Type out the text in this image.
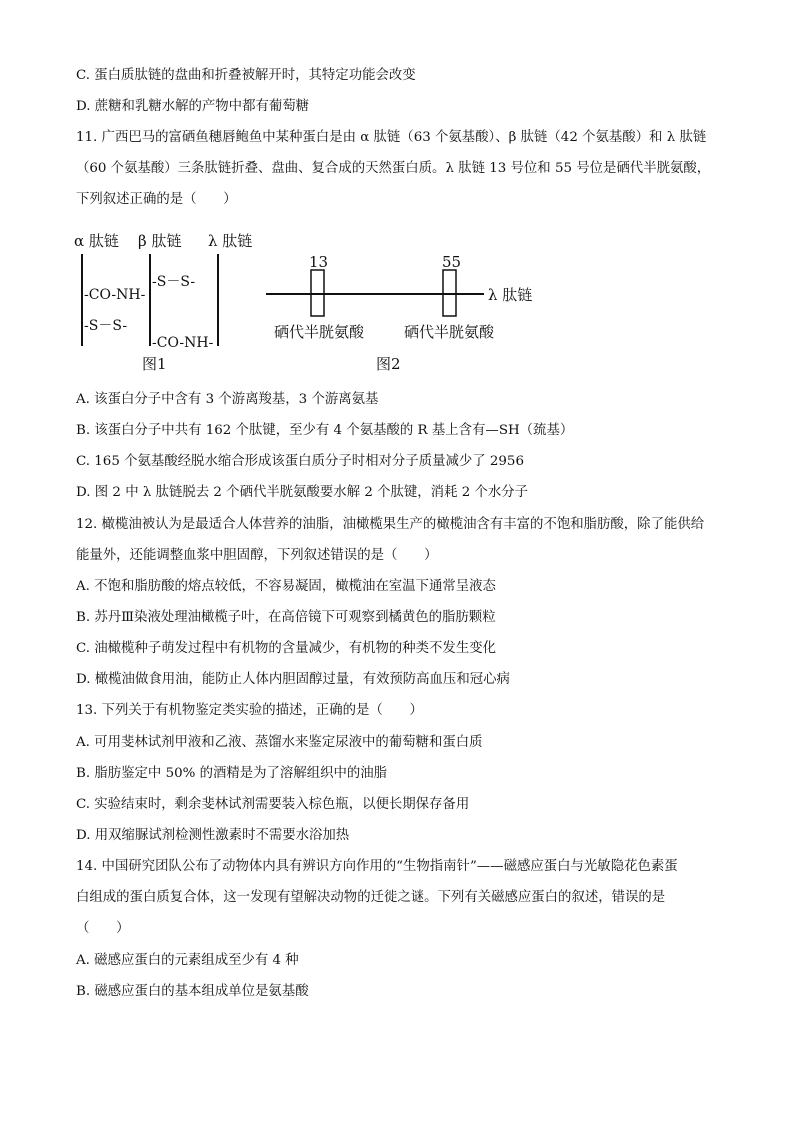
C. 蛋白质肽链的盘曲和折叠被解开时，其特定功能会改变
D. 蔗糖和乳糖水解的产物中都有葡萄糖
11. 广西巴马的富硒鱼穗唇鲍鱼中某种蛋白是由 α 肽链（63 个氨基酸）、β 肽链（42 个氨基酸）和 λ 肽链
（60 个氨基酸）三条肽链折叠、盘曲、复合成的天然蛋白质。λ 肽链 13 号位和 55 号位是硒代半胱氨酸，
下列叙述正确的是（　　）
α 肽链 β 肽链 λ 肽链
-CO-NH-
-S－S-
-S－S-
-CO-NH-
图1
13	55
λ 肽链
硒代半胱氨酸	硒代半胱氨酸
图2
A. 该蛋白分子中含有 3 个游离羧基，3 个游离氨基
B. 该蛋白分子中共有 162 个肽键，至少有 4 个氨基酸的 R 基上含有—SH（巯基）
C. 165 个氨基酸经脱水缩合形成该蛋白质分子时相对分子质量减少了 2956
D. 图 2 中 λ 肽链脱去 2 个硒代半胱氨酸要水解 2 个肽键，消耗 2 个水分子
12. 橄榄油被认为是最适合人体营养的油脂，油橄榄果生产的橄榄油含有丰富的不饱和脂肪酸，除了能供给
能量外，还能调整血浆中胆固醇，下列叙述错误的是（　　）
A. 不饱和脂肪酸的熔点较低，不容易凝固，橄榄油在室温下通常呈液态
B. 苏丹Ⅲ染液处理油橄榄子叶，在高倍镜下可观察到橘黄色的脂肪颗粒
C. 油橄榄种子萌发过程中有机物的含量减少，有机物的种类不发生变化
D. 橄榄油做食用油，能防止人体内胆固醇过量，有效预防高血压和冠心病
13. 下列关于有机物鉴定类实验的描述，正确的是（　　）
A. 可用斐林试剂甲液和乙液、蒸馏水来鉴定尿液中的葡萄糖和蛋白质
B. 脂肪鉴定中 50% 的酒精是为了溶解组织中的油脂
C. 实验结束时，剩余斐林试剂需要装入棕色瓶，以便长期保存备用
D. 用双缩脲试剂检测性激素时不需要水浴加热
14. 中国研究团队公布了动物体内具有辨识方向作用的“生物指南针”——磁感应蛋白与光敏隐花色素蛋
白组成的蛋白质复合体，这一发现有望解决动物的迁徙之谜。下列有关磁感应蛋白的叙述，错误的是
（　　）
A. 磁感应蛋白的元素组成至少有 4 种
B. 磁感应蛋白的基本组成单位是氨基酸
